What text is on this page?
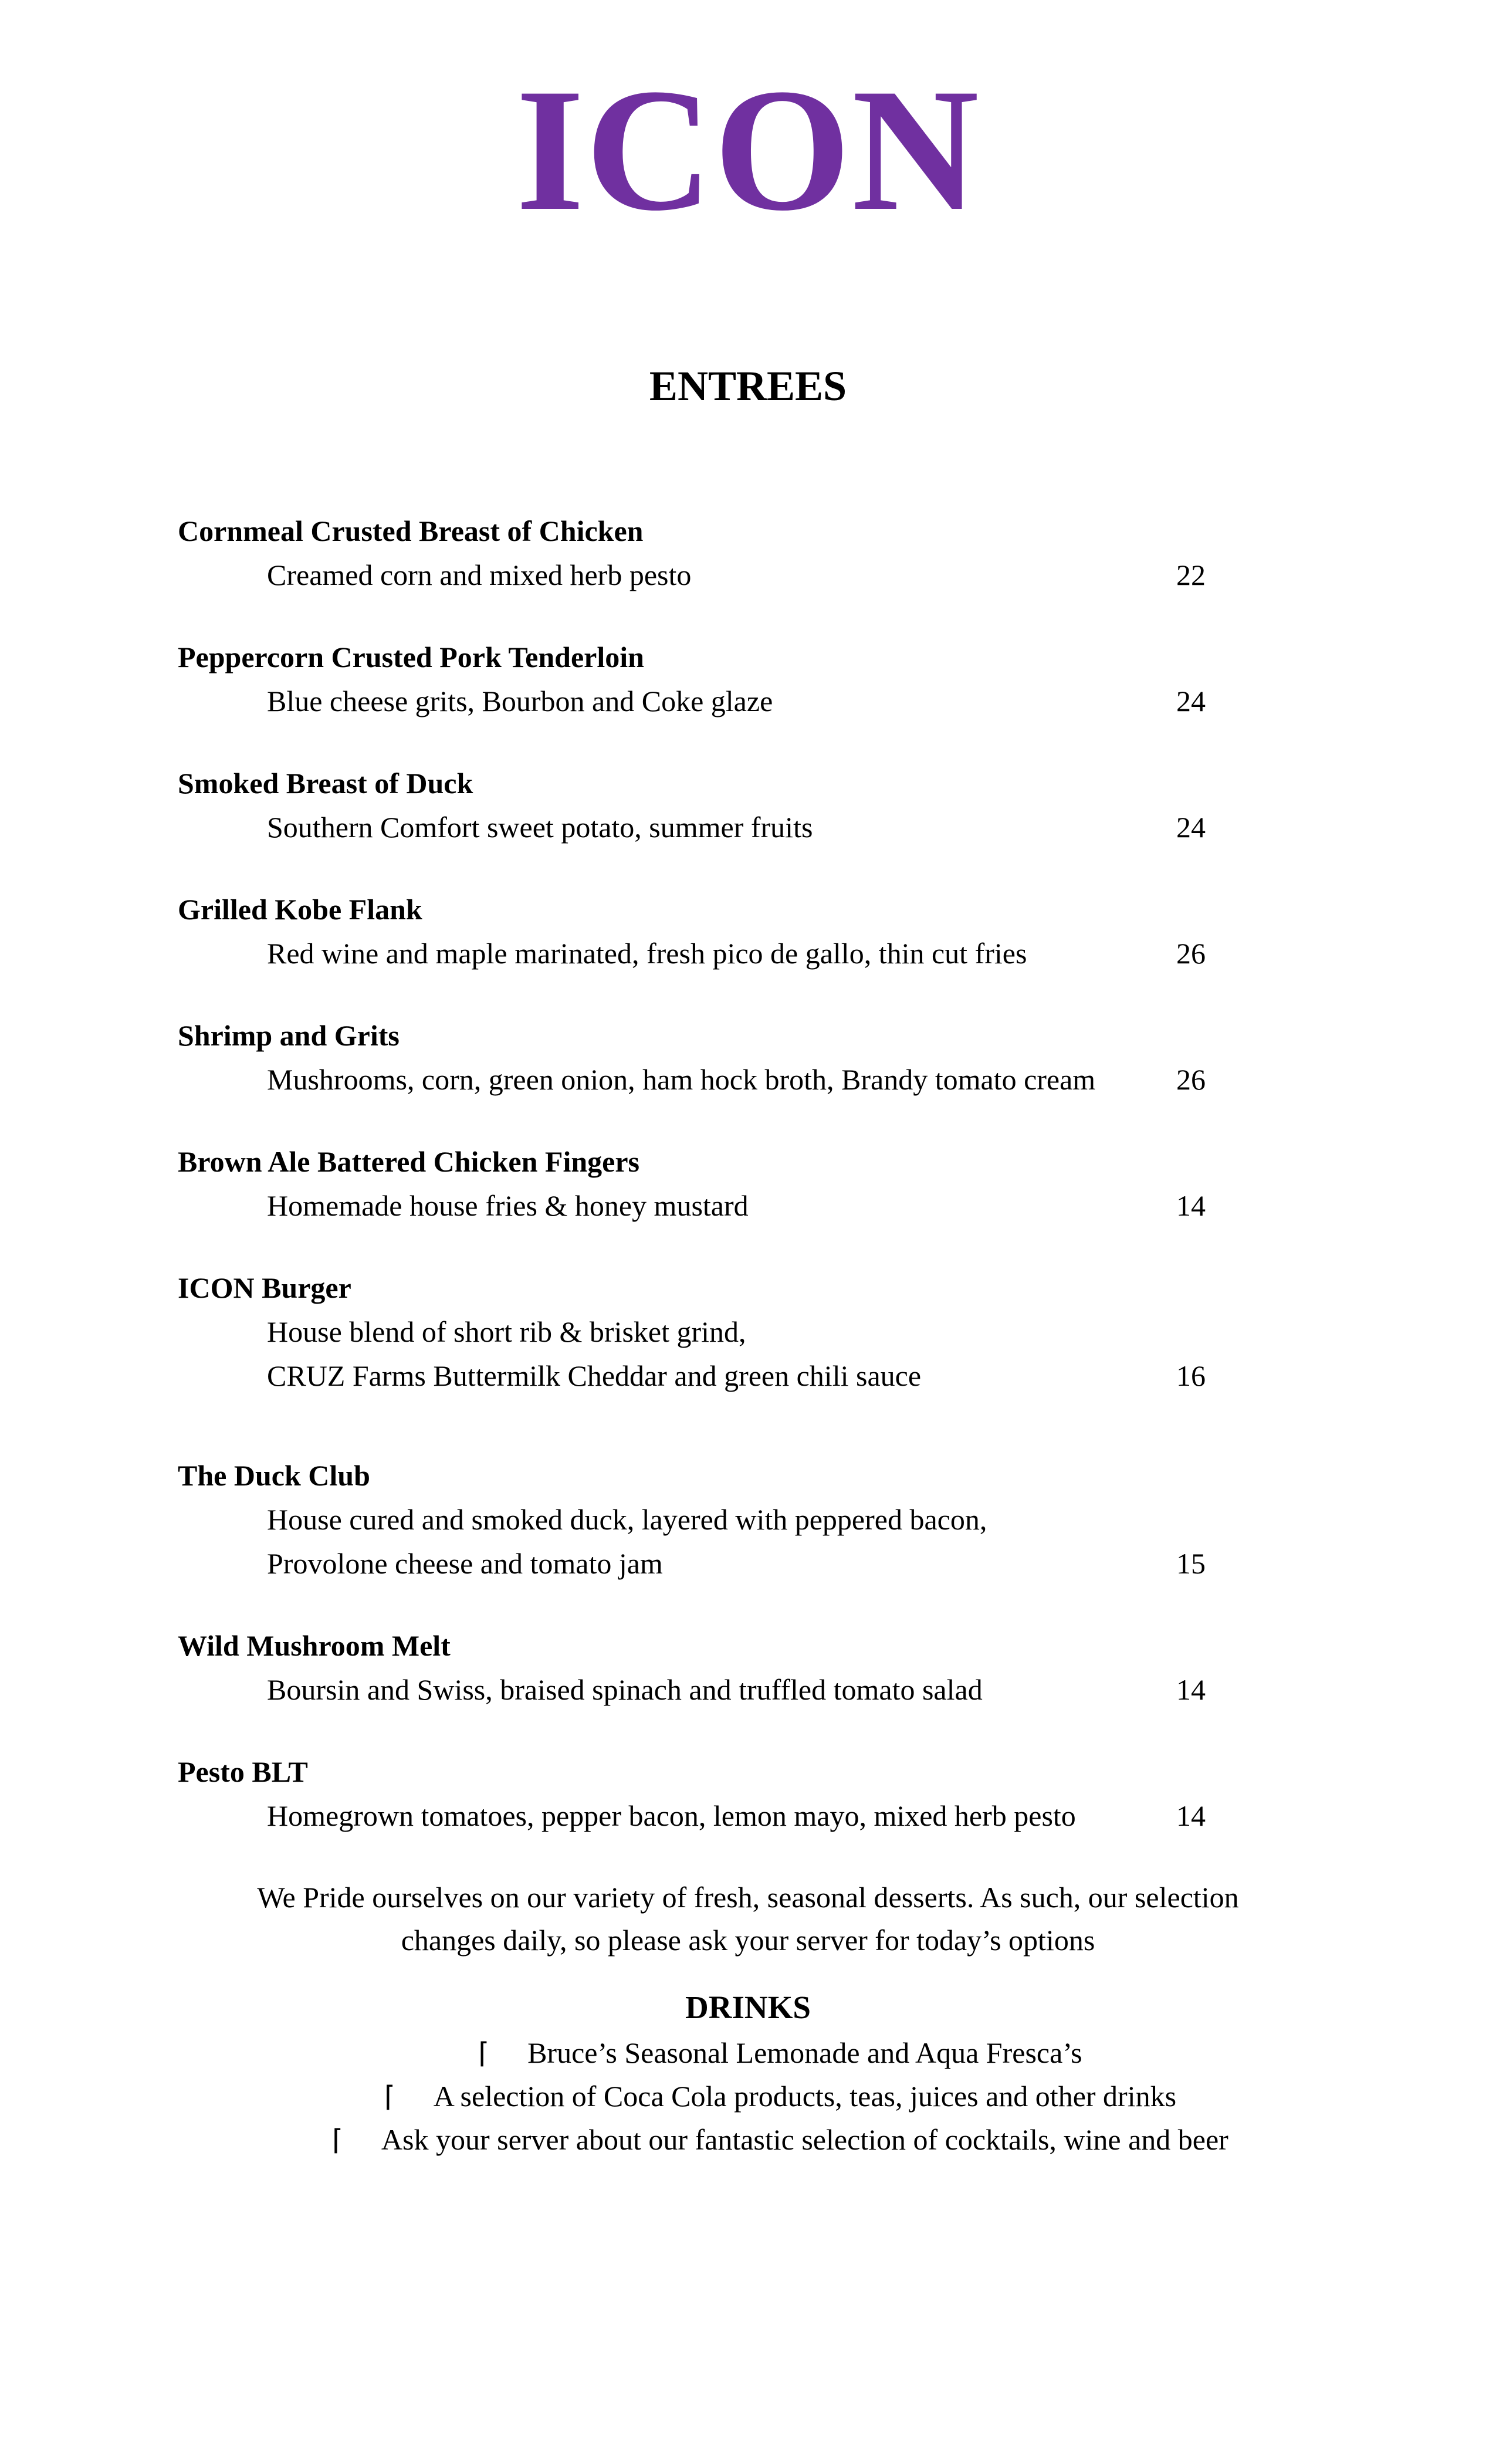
ICON
ENTREES
Cornmeal Crusted Breast of Chicken
Creamed corn and mixed herb pesto	22
Peppercorn Crusted Pork Tenderloin
Blue cheese grits, Bourbon and Coke glaze	24
Smoked Breast of Duck
Southern Comfort sweet potato, summer fruits	24
Grilled Kobe Flank
Red wine and maple marinated, fresh pico de gallo, thin cut fries	26
Shrimp and Grits
Mushrooms, corn, green onion, ham hock broth, Brandy tomato cream	26
Brown Ale Battered Chicken Fingers
Homemade house fries & honey mustard	14
ICON Burger
House blend of short rib & brisket grind,
CRUZ Farms Buttermilk Cheddar and green chili sauce	16
The Duck Club
House cured and smoked duck, layered with peppered bacon,
Provolone cheese and tomato jam	15
Wild Mushroom Melt
Boursin and Swiss, braised spinach and truffled tomato salad	14
Pesto BLT
Homegrown tomatoes, pepper bacon, lemon mayo, mixed herb pesto	14
We Pride ourselves on our variety of fresh, seasonal desserts. As such, our selection
changes daily, so please ask your server for today’s options
DRINKS
⌈ Bruce’s Seasonal Lemonade and Aqua Fresca’s
⌈ A selection of Coca Cola products, teas, juices and other drinks
⌈ Ask your server about our fantastic selection of cocktails, wine and beer
